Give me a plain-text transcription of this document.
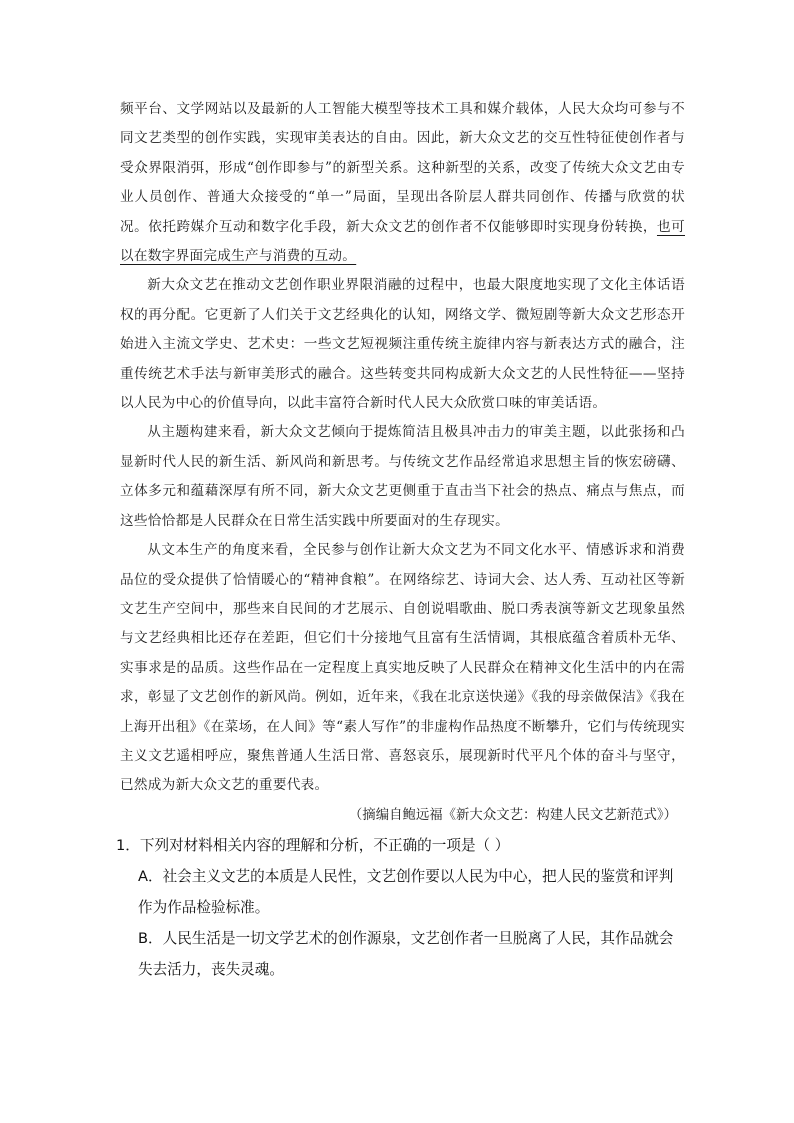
频平台、文学网站以及最新的人工智能大模型等技术工具和媒介载体，人民大众均可参与不同文艺类型的创作实践，实现审美表达的自由。因此，新大众文艺的交互性特征使创作者与受众界限消弭，形成“创作即参与”的新型关系。这种新型的关系，改变了传统大众文艺由专业人员创作、普通大众接受的“单一”局面，呈现出各阶层人群共同创作、传播与欣赏的状况。依托跨媒介互动和数字化手段，新大众文艺的创作者不仅能够即时实现身份转换，也可以在数字界面完成生产与消费的互动。

新大众文艺在推动文艺创作职业界限消融的过程中，也最大限度地实现了文化主体话语权的再分配。它更新了人们关于文艺经典化的认知，网络文学、微短剧等新大众文艺形态开始进入主流文学史、艺术史：一些文艺短视频注重传统主旋律内容与新表达方式的融合，注重传统艺术手法与新审美形式的融合。这些转变共同构成新大众文艺的人民性特征——坚持以人民为中心的价值导向，以此丰富符合新时代人民大众欣赏口味的审美话语。

从主题构建来看，新大众文艺倾向于提炼简洁且极具冲击力的审美主题，以此张扬和凸显新时代人民的新生活、新风尚和新思考。与传统文艺作品经常追求思想主旨的恢宏磅礴、立体多元和蕴藉深厚有所不同，新大众文艺更侧重于直击当下社会的热点、痛点与焦点，而这些恰恰都是人民群众在日常生活实践中所要面对的生存现实。

从文本生产的角度来看，全民参与创作让新大众文艺为不同文化水平、情感诉求和消费品位的受众提供了恰情暖心的“精神食粮”。在网络综艺、诗词大会、达人秀、互动社区等新文艺生产空间中，那些来自民间的才艺展示、自创说唱歌曲、脱口秀表演等新文艺现象虽然与文艺经典相比还存在差距，但它们十分接地气且富有生活情调，其根底蕴含着质朴无华、实事求是的品质。这些作品在一定程度上真实地反映了人民群众在精神文化生活中的内在需求，彰显了文艺创作的新风尚。例如，近年来，《我在北京送快递》《我的母亲做保洁》《我在上海开出租》《在菜场，在人间》等“素人写作”的非虚构作品热度不断攀升，它们与传统现实主义文艺遥相呼应，聚焦普通人生活日常、喜怒哀乐，展现新时代平凡个体的奋斗与坚守，已然成为新大众文艺的重要代表。

（摘编自鲍远福《新大众文艺：构建人民文艺新范式》）

1．下列对材料相关内容的理解和分析，不正确的一项是（ ）

A．社会主义文艺的本质是人民性，文艺创作要以人民为中心，把人民的鉴赏和评判作为作品检验标准。

B．人民生活是一切文学艺术的创作源泉，文艺创作者一旦脱离了人民，其作品就会失去活力，丧失灵魂。
